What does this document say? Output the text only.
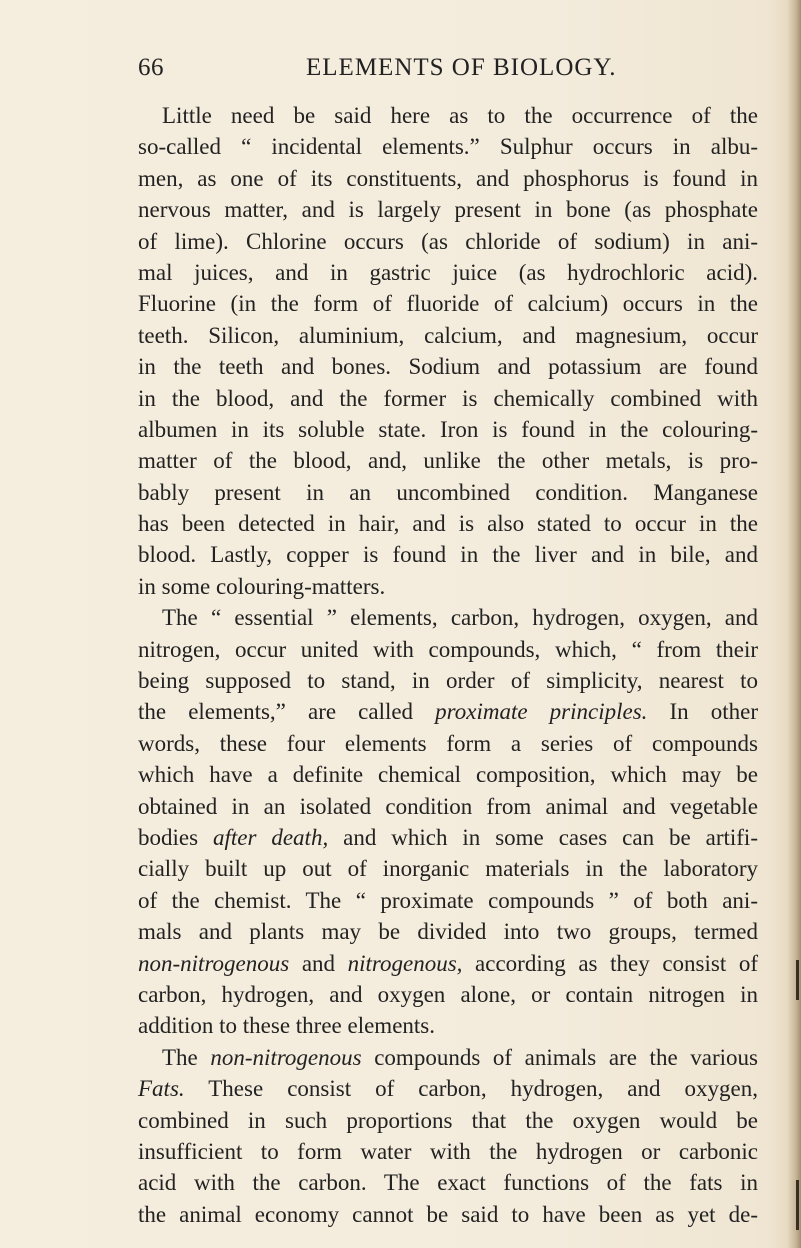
66	ELEMENTS OF BIOLOGY.
Little need be said here as to the occurrence of the
so-called “ incidental elements.” Sulphur occurs in albu-
men, as one of its constituents, and phosphorus is found in
nervous matter, and is largely present in bone (as phosphate
of lime). Chlorine occurs (as chloride of sodium) in ani-
mal juices, and in gastric juice (as hydrochloric acid).
Fluorine (in the form of fluoride of calcium) occurs in the
teeth. Silicon, aluminium, calcium, and magnesium, occur
in the teeth and bones. Sodium and potassium are found
in the blood, and the former is chemically combined with
albumen in its soluble state. Iron is found in the colouring-
matter of the blood, and, unlike the other metals, is pro-
bably present in an uncombined condition. Manganese
has been detected in hair, and is also stated to occur in the
blood. Lastly, copper is found in the liver and in bile, and
in some colouring-matters.
The “ essential ” elements, carbon, hydrogen, oxygen, and
nitrogen, occur united with compounds, which, “ from their
being supposed to stand, in order of simplicity, nearest to
the elements,” are called proximate principles. In other
words, these four elements form a series of compounds
which have a definite chemical composition, which may be
obtained in an isolated condition from animal and vegetable
bodies after death, and which in some cases can be artifi-
cially built up out of inorganic materials in the laboratory
of the chemist. The “ proximate compounds ” of both ani-
mals and plants may be divided into two groups, termed
non-nitrogenous and nitrogenous, according as they consist of
carbon, hydrogen, and oxygen alone, or contain nitrogen in
addition to these three elements.
The non-nitrogenous compounds of animals are the various
Fats. These consist of carbon, hydrogen, and oxygen,
combined in such proportions that the oxygen would be
insufficient to form water with the hydrogen or carbonic
acid with the carbon. The exact functions of the fats in
the animal economy cannot be said to have been as yet de-
